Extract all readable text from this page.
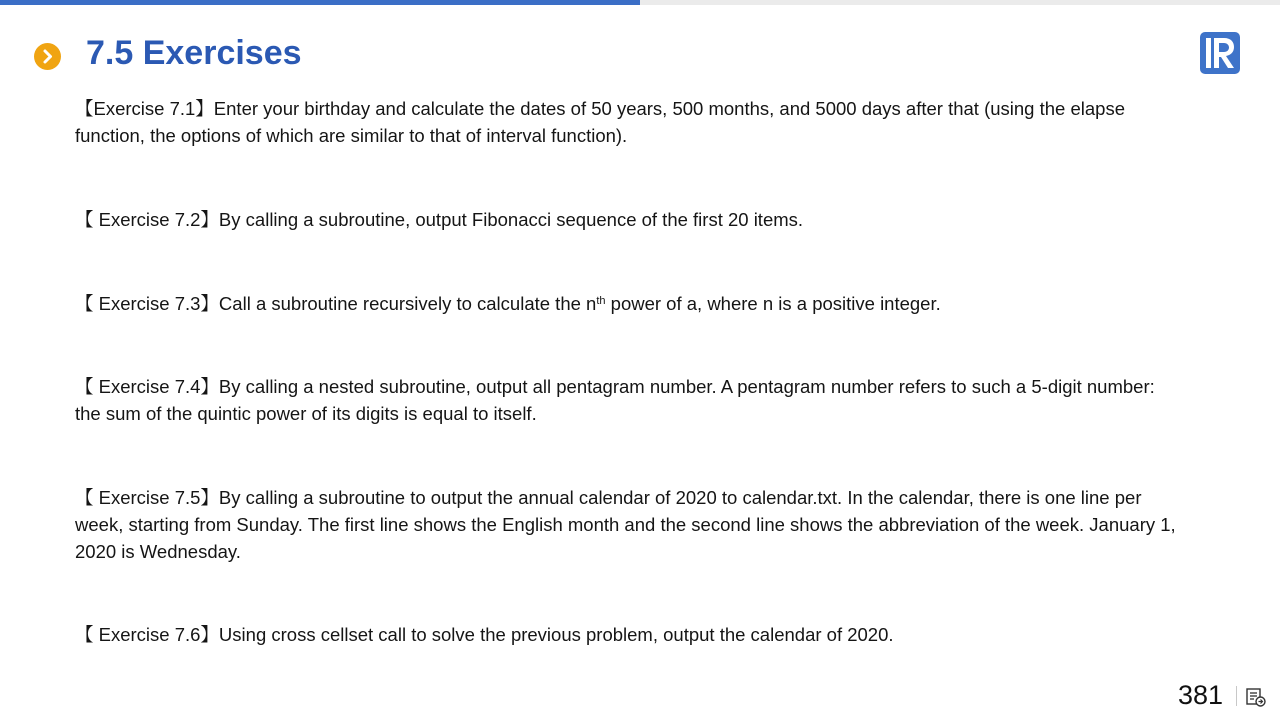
7.5 Exercises
【Exercise 7.1】Enter your birthday and calculate the dates of 50 years, 500 months, and 5000 days after that (using the elapse function, the options of which are similar to that of interval function).
【 Exercise 7.2】By calling a subroutine, output Fibonacci sequence of the first 20 items.
【 Exercise 7.3】Call a subroutine recursively to calculate the $n^{th}$ power of a, where n is a positive integer.
【 Exercise 7.4】By calling a nested subroutine, output all pentagram number. A pentagram number refers to such a 5-digit number: the sum of the quintic power of its digits is equal to itself.
【 Exercise 7.5】By calling a subroutine to output the annual calendar of 2020 to calendar.txt. In the calendar, there is one line per week, starting from Sunday. The first line shows the English month and the second line shows the abbreviation of the week. January 1, 2020 is Wednesday.
【 Exercise 7.6】Using cross cellset call to solve the previous problem, output the calendar of 2020.
381
